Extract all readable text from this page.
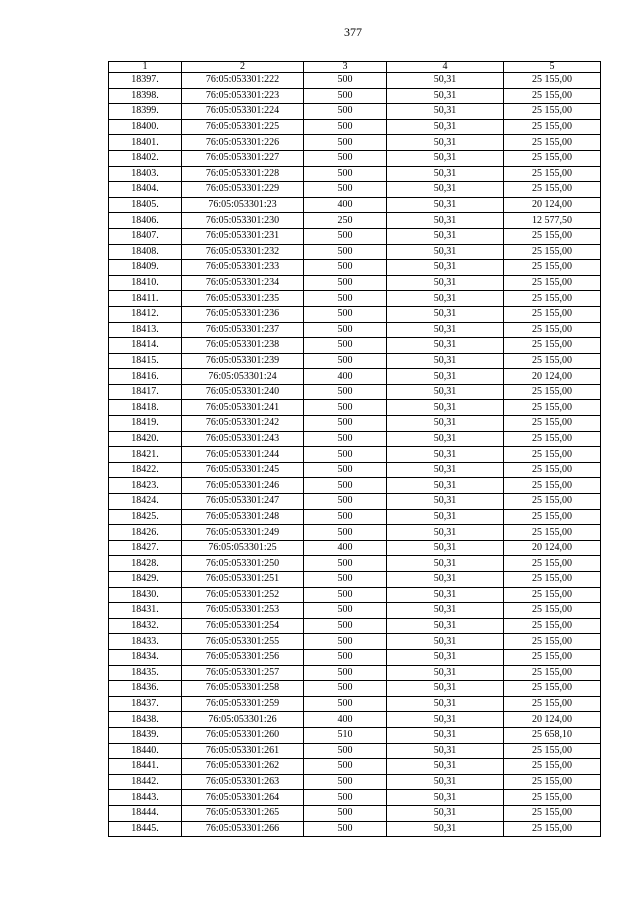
377
1	2	3	4	5
18397.	76:05:053301:222	500	50,31	25 155,00
18398.	76:05:053301:223	500	50,31	25 155,00
18399.	76:05:053301:224	500	50,31	25 155,00
18400.	76:05:053301:225	500	50,31	25 155,00
18401.	76:05:053301:226	500	50,31	25 155,00
18402.	76:05:053301:227	500	50,31	25 155,00
18403.	76:05:053301:228	500	50,31	25 155,00
18404.	76:05:053301:229	500	50,31	25 155,00
18405.	76:05:053301:23	400	50,31	20 124,00
18406.	76:05:053301:230	250	50,31	12 577,50
18407.	76:05:053301:231	500	50,31	25 155,00
18408.	76:05:053301:232	500	50,31	25 155,00
18409.	76:05:053301:233	500	50,31	25 155,00
18410.	76:05:053301:234	500	50,31	25 155,00
18411.	76:05:053301:235	500	50,31	25 155,00
18412.	76:05:053301:236	500	50,31	25 155,00
18413.	76:05:053301:237	500	50,31	25 155,00
18414.	76:05:053301:238	500	50,31	25 155,00
18415.	76:05:053301:239	500	50,31	25 155,00
18416.	76:05:053301:24	400	50,31	20 124,00
18417.	76:05:053301:240	500	50,31	25 155,00
18418.	76:05:053301:241	500	50,31	25 155,00
18419.	76:05:053301:242	500	50,31	25 155,00
18420.	76:05:053301:243	500	50,31	25 155,00
18421.	76:05:053301:244	500	50,31	25 155,00
18422.	76:05:053301:245	500	50,31	25 155,00
18423.	76:05:053301:246	500	50,31	25 155,00
18424.	76:05:053301:247	500	50,31	25 155,00
18425.	76:05:053301:248	500	50,31	25 155,00
18426.	76:05:053301:249	500	50,31	25 155,00
18427.	76:05:053301:25	400	50,31	20 124,00
18428.	76:05:053301:250	500	50,31	25 155,00
18429.	76:05:053301:251	500	50,31	25 155,00
18430.	76:05:053301:252	500	50,31	25 155,00
18431.	76:05:053301:253	500	50,31	25 155,00
18432.	76:05:053301:254	500	50,31	25 155,00
18433.	76:05:053301:255	500	50,31	25 155,00
18434.	76:05:053301:256	500	50,31	25 155,00
18435.	76:05:053301:257	500	50,31	25 155,00
18436.	76:05:053301:258	500	50,31	25 155,00
18437.	76:05:053301:259	500	50,31	25 155,00
18438.	76:05:053301:26	400	50,31	20 124,00
18439.	76:05:053301:260	510	50,31	25 658,10
18440.	76:05:053301:261	500	50,31	25 155,00
18441.	76:05:053301:262	500	50,31	25 155,00
18442.	76:05:053301:263	500	50,31	25 155,00
18443.	76:05:053301:264	500	50,31	25 155,00
18444.	76:05:053301:265	500	50,31	25 155,00
18445.	76:05:053301:266	500	50,31	25 155,00
